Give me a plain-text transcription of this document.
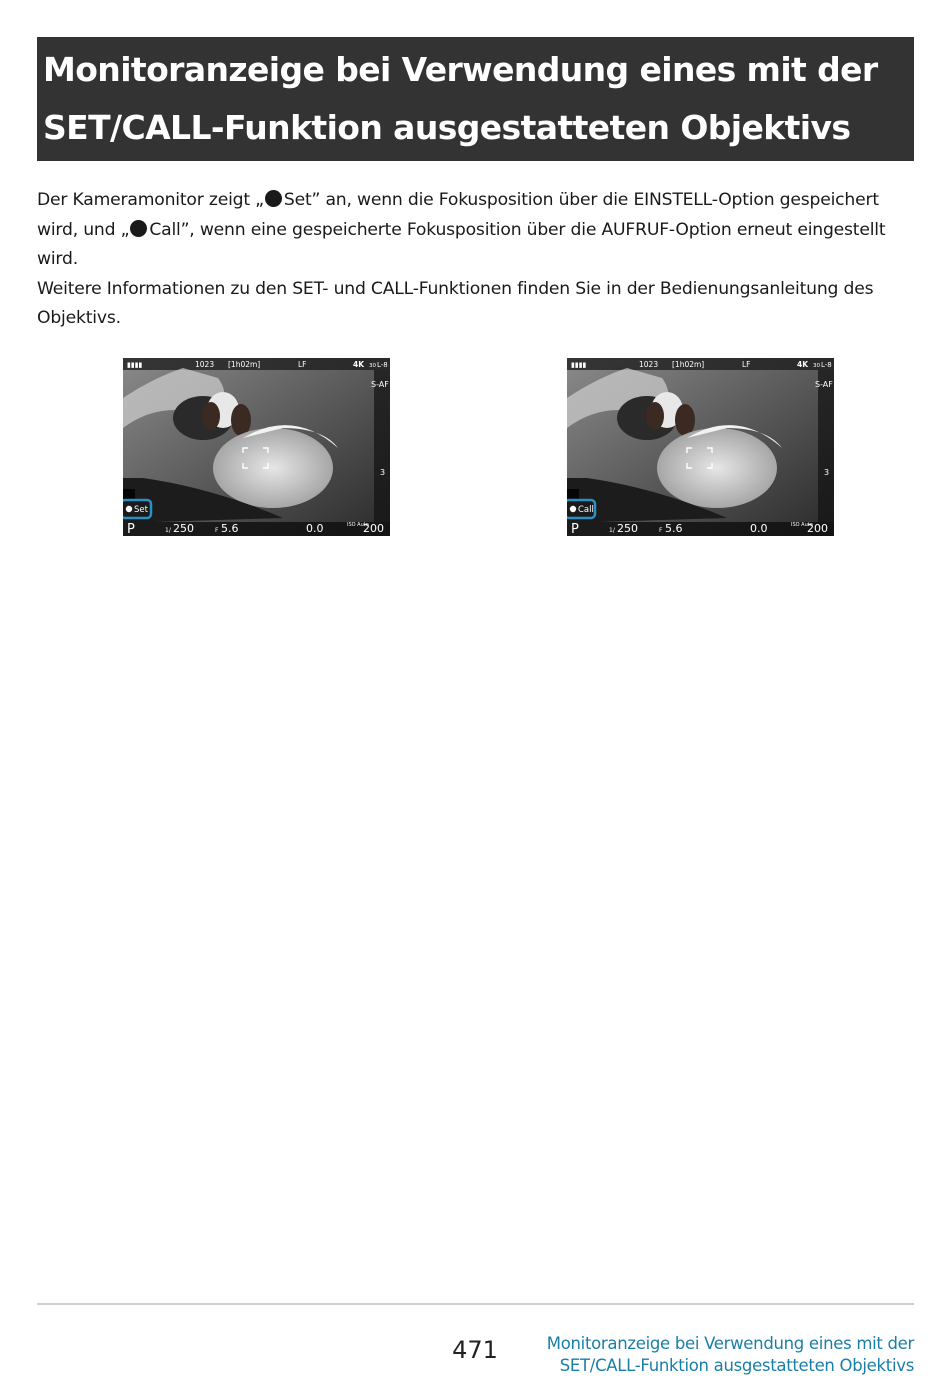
Monitoranzeige bei Verwendung eines mit der
SET/CALL-Funktion ausgestatteten Objektivs

Der Kameramonitor zeigt „ Set” an, wenn die Fokusposition über die EINSTELL-Option gespeichert wird, und „ Call”, wenn eine gespeicherte Fokusposition über die AUFRUF-Option erneut eingestellt wird.

Weitere Informationen zu den SET- und CALL-Funktionen finden Sie in der Bedienungsanleitung des Objektivs.

▮▮▮▮	1023 [1h02m]	LF	4K 30 L-8
S-AF
3
Set
P	1/ 250	F 5.6	0.0	ISO Auto
200
▮▮▮▮	1023 [1h02m]	LF	4K 30 L-8
S-AF
3
Call
P	1/ 250	F 5.6	0.0	ISO Auto
200
471	Monitoranzeige bei Verwendung eines mit der
SET/CALL-Funktion ausgestatteten Objektivs
